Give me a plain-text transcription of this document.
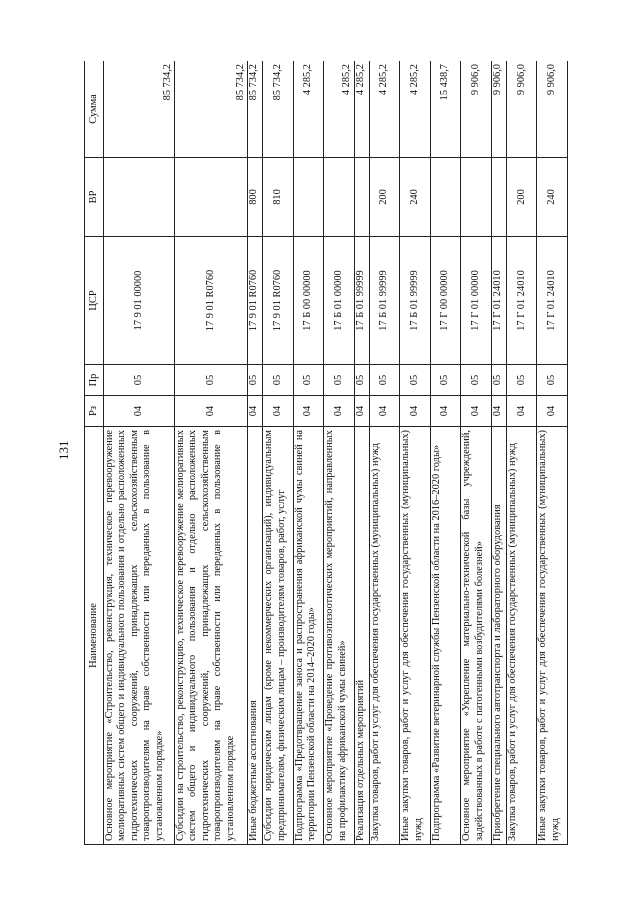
131
Наименование	Рз	Пр	ЦСР	ВР	Сумма
Основное мероприятие «Строительство, реконструкция, техническое перевооружение мелиоративных систем общего и индивидуального пользования и отдельно расположенных гидротехнических сооружений, принадлежащих сельскохозяйственным товаропроизводителям на праве собственности или переданных в пользование в установленном порядке»	04	05	17 9 01 00000		85 734,2
Субсидии на строительство, реконструкцию, техническое перевооружение мелиоративных систем общего и индивидуального пользования и отдельно расположенных гидротехнических сооружений, принадлежащих сельскохозяйственным товаропроизводителям на праве собственности или переданных в пользование в установленном порядке	04	05	17 9 01 R0760		85 734,2
Иные бюджетные ассигнования	04	05	17 9 01 R0760	800	85 734,2
Субсидии юридическим лицам (кроме некоммерческих организаций), индивидуальным предпринимателям, физическим лицам – производителям товаров, работ, услуг	04	05	17 9 01 R0760	810	85 734,2
Подпрограмма «Предотвращение заноса и распространения африканской чумы свиней на территории Пензенской области на 2014–2020 годы»	04	05	17 Б 00 00000		4 285,2
Основное мероприятие «Проведение противоэпизоотических мероприятий, направленных на профилактику африканской чумы свиней»	04	05	17 Б 01 00000		4 285,2
Реализация отдельных мероприятий	04	05	17 Б 01 99999		4 285,2
Закупка товаров, работ и услуг для обеспечения государственных (муниципальных) нужд	04	05	17 Б 01 99999	200	4 285,2
Иные закупки товаров, работ и услуг для обеспечения государственных (муниципальных) нужд	04	05	17 Б 01 99999	240	4 285,2
Подпрограмма «Развитие ветеринарной службы Пензенской области на 2016–2020 годы»	04	05	17 Г 00 00000		15 438,7
Основное мероприятие «Укрепление материально-технической базы учреждений, задействованных в работе с патогенными возбудителями болезней»	04	05	17 Г 01 00000		9 906,0
Приобретение специального автотранспорта и лабораторного оборудования	04	05	17 Г 01 24010		9 906,0
Закупка товаров, работ и услуг для обеспечения государственных (муниципальных) нужд	04	05	17 Г 01 24010	200	9 906,0
Иные закупки товаров, работ и услуг для обеспечения государственных (муниципальных) нужд	04	05	17 Г 01 24010	240	9 906,0
